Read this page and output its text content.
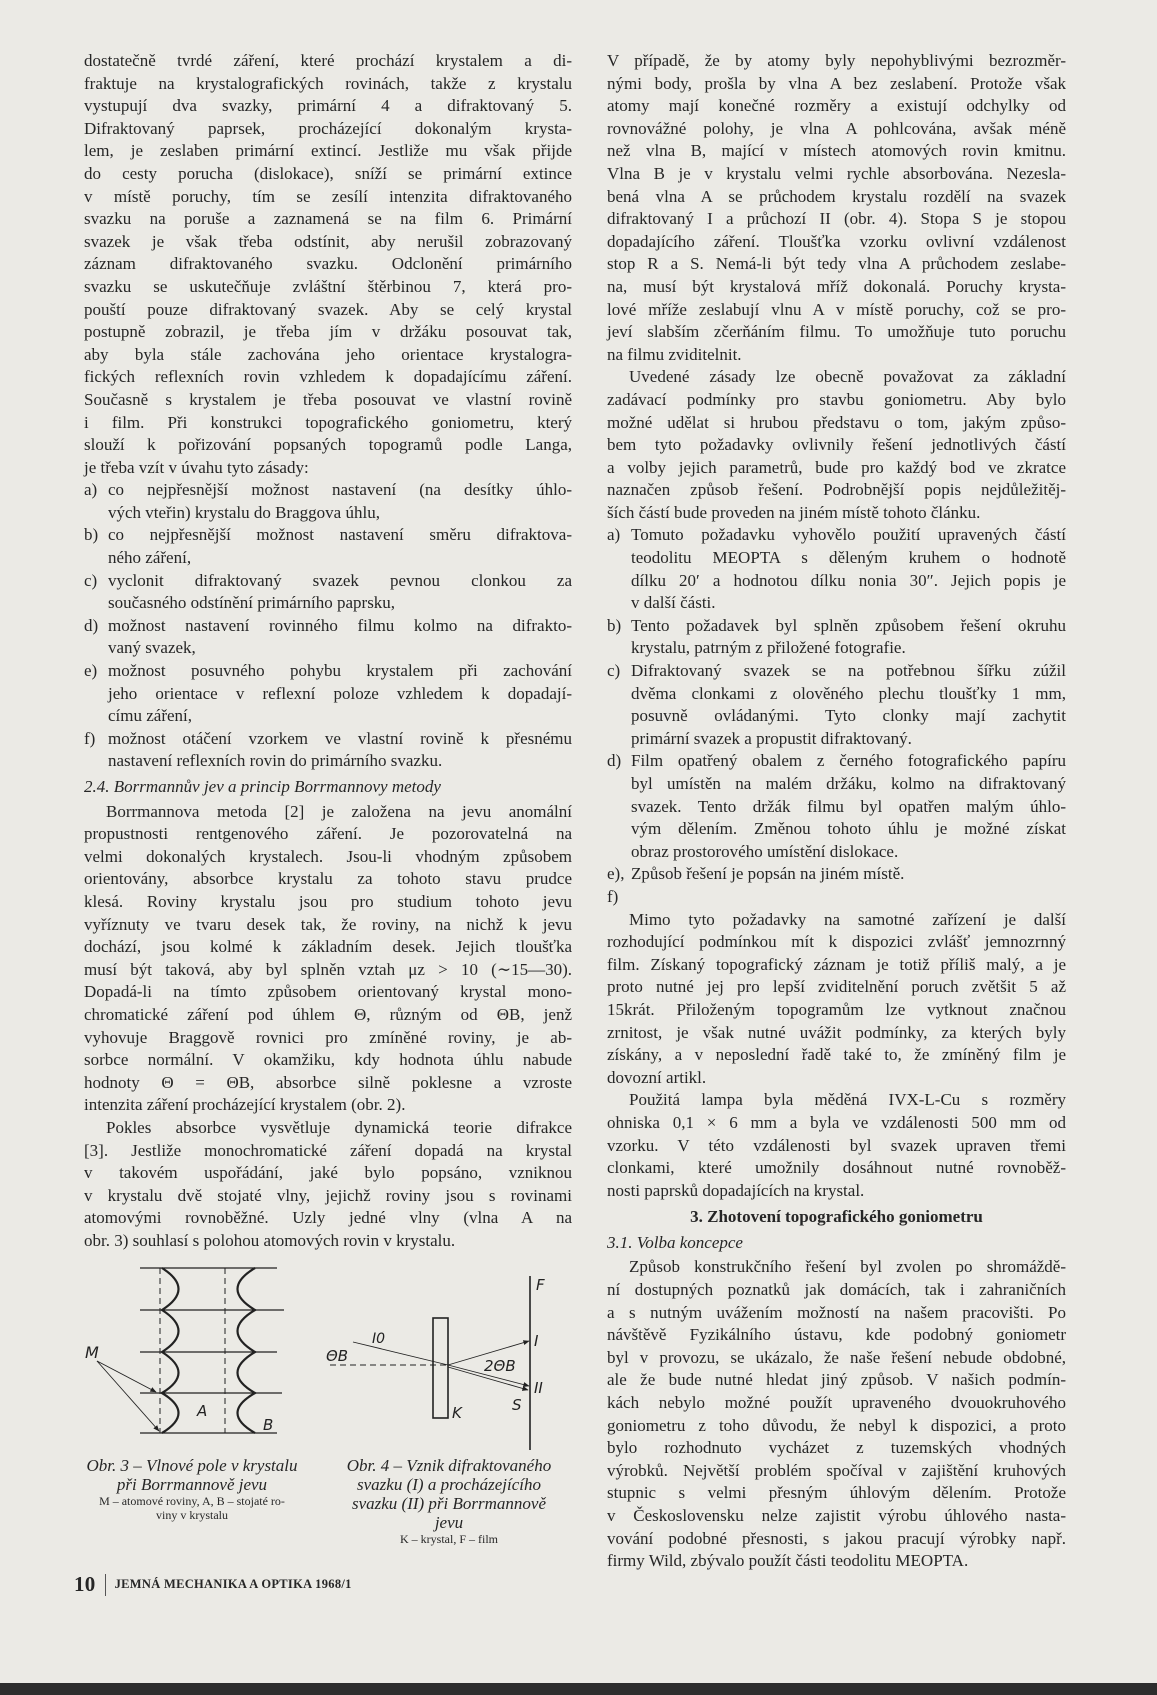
dostatečně tvrdé záření, které prochází krystalem a di-
fraktuje na krystalografických rovinách, takže z krystalu
vystupují dva svazky, primární 4 a difraktovaný 5.
Difraktovaný paprsek, procházející dokonalým krysta-
lem, je zeslaben primární extincí. Jestliže mu však přijde
do cesty porucha (dislokace), sníží se primární extince
v místě poruchy, tím se zesílí intenzita difraktovaného
svazku na poruše a zaznamená se na film 6. Primární
svazek je však třeba odstínit, aby nerušil zobrazovaný
záznam difraktovaného svazku. Odclonění primárního
svazku se uskutečňuje zvláštní štěrbinou 7, která pro-
pouští pouze difraktovaný svazek. Aby se celý krystal
postupně zobrazil, je třeba jím v držáku posouvat tak,
aby byla stále zachována jeho orientace krystalogra-
fických reflexních rovin vzhledem k dopadajícímu záření.
Současně s krystalem je třeba posouvat ve vlastní rovině
i film. Při konstrukci topografického goniometru, který
slouží k pořizování popsaných topogramů podle Langa,
je třeba vzít v úvahu tyto zásady:
a) co nejpřesnější možnost nastavení (na desítky úhlo-
vých vteřin) krystalu do Braggova úhlu,
b) co nejpřesnější možnost nastavení směru difraktova-
ného záření,
c) vyclonit difraktovaný svazek pevnou clonkou za
současného odstínění primárního paprsku,
d) možnost nastavení rovinného filmu kolmo na difrakto-
vaný svazek,
e) možnost posuvného pohybu krystalem při zachování
jeho orientace v reflexní poloze vzhledem k dopadají-
címu záření,
f) možnost otáčení vzorkem ve vlastní rovině k přesnému
nastavení reflexních rovin do primárního svazku.
2.4. Borrmannův jev a princip Borrmannovy metody
Borrmannova metoda [2] je založena na jevu anomální
propustnosti rentgenového záření. Je pozorovatelná na
velmi dokonalých krystalech. Jsou-li vhodným způsobem
orientovány, absorbce krystalu za tohoto stavu prudce
klesá. Roviny krystalu jsou pro studium tohoto jevu
vyříznuty ve tvaru desek tak, že roviny, na nichž k jevu
dochází, jsou kolmé k základním desek. Jejich tloušťka
musí být taková, aby byl splněn vztah μz > 10 (∼15—30).
Dopadá-li na tímto způsobem orientovaný krystal mono-
chromatické záření pod úhlem Θ, různým od ΘB, jenž
vyhovuje Braggově rovnici pro zmíněné roviny, je ab-
sorbce normální. V okamžiku, kdy hodnota úhlu nabude
hodnoty Θ = ΘB, absorbce silně poklesne a vzroste
intenzita záření procházející krystalem (obr. 2).
Pokles absorbce vysvětluje dynamická teorie difrakce
[3]. Jestliže monochromatické záření dopadá na krystal
v takovém uspořádání, jaké bylo popsáno, vzniknou
v krystalu dvě stojaté vlny, jejichž roviny jsou s rovinami
atomovými rovnoběžné. Uzly jedné vlny (vlna A na
obr. 3) souhlasí s polohou atomových rovin v krystalu.
V případě, že by atomy byly nepohyblivými bezrozměr-
nými body, prošla by vlna A bez zeslabení. Protože však
atomy mají konečné rozměry a existují odchylky od
rovnovážné polohy, je vlna A pohlcována, avšak méně
než vlna B, mající v místech atomových rovin kmitnu.
Vlna B je v krystalu velmi rychle absorbována. Nezesla-
bená vlna A se průchodem krystalu rozdělí na svazek
difraktovaný I a průchozí II (obr. 4). Stopa S je stopou
dopadajícího záření. Tloušťka vzorku ovlivní vzdálenost
stop R a S. Nemá-li být tedy vlna A průchodem zeslabe-
na, musí být krystalová mříž dokonalá. Poruchy krysta-
lové mříže zeslabují vlnu A v místě poruchy, což se pro-
jeví slabším zčerňáním filmu. To umožňuje tuto poruchu
na filmu zviditelnit.
Uvedené zásady lze obecně považovat za základní
zadávací podmínky pro stavbu goniometru. Aby bylo
možné udělat si hrubou představu o tom, jakým způso-
bem tyto požadavky ovlivnily řešení jednotlivých částí
a volby jejich parametrů, bude pro každý bod ve zkratce
naznačen způsob řešení. Podrobnější popis nejdůležitěj-
ších částí bude proveden na jiném místě tohoto článku.
a) Tomuto požadavku vyhovělo použití upravených částí
teodolitu MEOPTA s děleným kruhem o hodnotě
dílku 20′ a hodnotou dílku nonia 30″. Jejich popis je
v další části.
b) Tento požadavek byl splněn způsobem řešení okruhu
krystalu, patrným z přiložené fotografie.
c) Difraktovaný svazek se na potřebnou šířku zúžil
dvěma clonkami z olověného plechu tloušťky 1 mm,
posuvně ovládanými. Tyto clonky mají zachytit
primární svazek a propustit difraktovaný.
d) Film opatřený obalem z černého fotografického papíru
byl umístěn na malém držáku, kolmo na difraktovaný
svazek. Tento držák filmu byl opatřen malým úhlo-
vým dělením. Změnou tohoto úhlu je možné získat
obraz prostorového umístění dislokace.
e), f)
Způsob řešení je popsán na jiném místě.
Mimo tyto požadavky na samotné zařízení je další
rozhodující podmínkou mít k dispozici zvlášť jemnozrnný
film. Získaný topografický záznam je totiž příliš malý, a je
proto nutné jej pro lepší zviditelnění poruch zvětšit 5 až
15krát. Přiloženým topogramům lze vytknout značnou
zrnitost, je však nutné uvážit podmínky, za kterých byly
získány, a v neposlední řadě také to, že zmíněný film je
dovozní artikl.
Použitá lampa byla měděná IVX-L-Cu s rozměry
ohniska 0,1 × 6 mm a byla ve vzdálenosti 500 mm od
vzorku. V této vzdálenosti byl svazek upraven třemi
clonkami, které umožnily dosáhnout nutné rovnoběž-
nosti paprsků dopadajících na krystal.
3. Zhotovení topografického goniometru
3.1. Volba koncepce
Způsob konstrukčního řešení byl zvolen po shromáždě-
ní dostupných poznatků jak domácích, tak i zahraničních
a s nutným uvážením možností na našem pracovišti. Po
návštěvě Fyzikálního ústavu, kde podobný goniometr
byl v provozu, se ukázalo, že naše řešení nebude obdobné,
ale že bude nutné hledat jiný způsob. V našich podmín-
kách nebylo možné použít upraveného dvouokruhového
goniometru z toho důvodu, že nebyl k dispozici, a proto
bylo rozhodnuto vycházet z tuzemských vhodných
výrobků. Největší problém spočíval v zajištění kruhových
stupnic s velmi přesným úhlovým dělením. Protože
v Československu nelze zajistit výrobu úhlového nasta-
vování podobné přesnosti, s jakou pracují výrobky např.
firmy Wild, zbývalo použít části teodolitu MEOPTA.
M
A
B
F
I
II
S
K
I0
ΘB
2ΘB
Obr. 3 – Vlnové pole v krystalu
při Borrmannově jevu
M – atomové roviny, A, B – stojaté ro-
viny v krystalu
Obr. 4 – Vznik difraktovaného
svazku (I) a procházejícího
svazku (II) při Borrmannově
jevu
K – krystal, F – film
10 JEMNÁ MECHANIKA A OPTIKA 1968/1
